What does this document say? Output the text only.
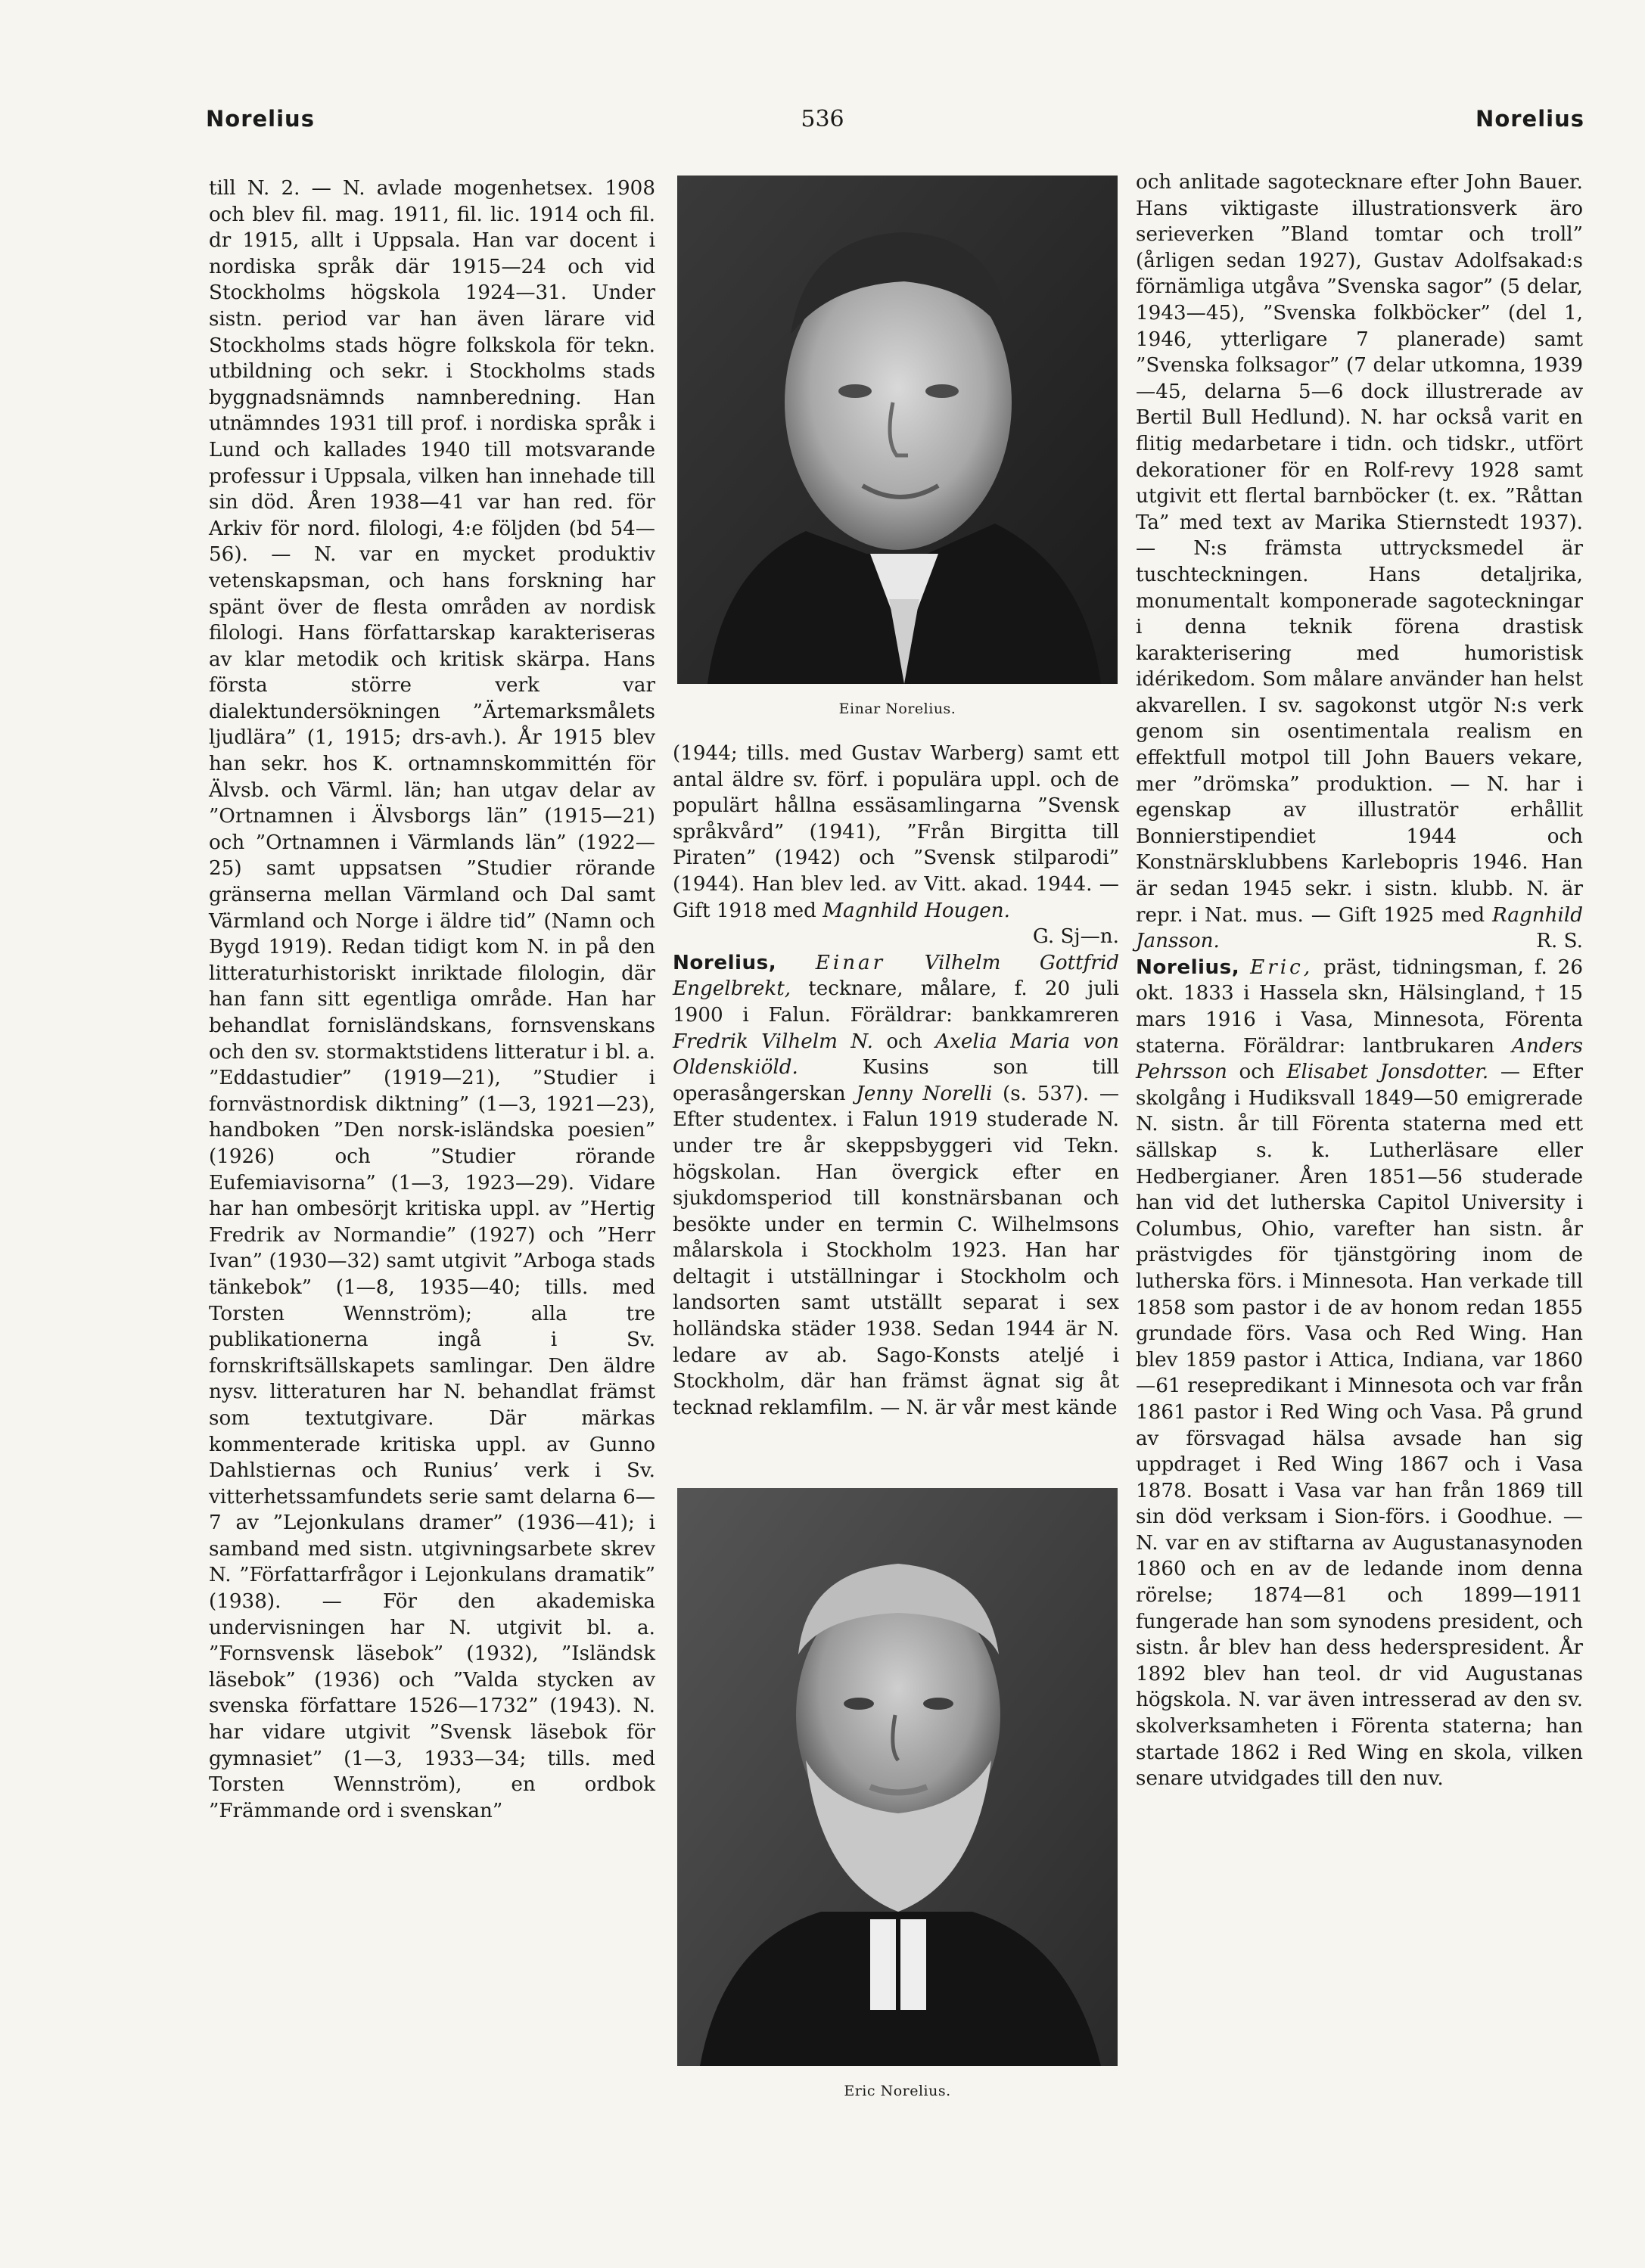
Norelius	536	Norelius

till N. 2. — N. avlade mogenhetsex. 1908 och blev fil. mag. 1911, fil. lic. 1914 och fil. dr 1915, allt i Uppsala. Han var docent i nordiska språk där 1915—24 och vid Stockholms högskola 1924—31. Under sistn. period var han även lärare vid Stockholms stads högre folkskola för tekn. utbildning och sekr. i Stockholms stads byggnadsnämnds namnberedning. Han utnämndes 1931 till prof. i nordiska språk i Lund och kallades 1940 till motsvarande professur i Uppsala, vilken han innehade till sin död. Åren 1938—41 var han red. för Arkiv för nord. filologi, 4:e följden (bd 54—56). — N. var en mycket produktiv vetenskapsman, och hans forskning har spänt över de flesta områden av nordisk filologi. Hans författarskap karakteriseras av klar metodik och kritisk skärpa. Hans första större verk var dialektundersökningen ”Ärtemarksmålets ljudlära” (1, 1915; drs-avh.). År 1915 blev han sekr. hos K. ortnamnskommittén för Älvsb. och Värml. län; han utgav delar av ”Ortnamnen i Älvsborgs län” (1915—21) och ”Ortnamnen i Värmlands län” (1922—25) samt uppsatsen ”Studier rörande gränserna mellan Värmland och Dal samt Värmland och Norge i äldre tid” (Namn och Bygd 1919). Redan tidigt kom N. in på den litteraturhistoriskt inriktade filologin, där han fann sitt egentliga område. Han har behandlat fornisländskans, fornsvenskans och den sv. stormaktstidens litteratur i bl. a. ”Eddastudier” (1919—21), ”Studier i fornvästnordisk diktning” (1—3, 1921—23), handboken ”Den norsk-isländska poesien” (1926) och ”Studier rörande Eufemiavisorna” (1—3, 1923—29). Vidare har han ombesörjt kritiska uppl. av ”Hertig Fredrik av Normandie” (1927) och ”Herr Ivan” (1930—32) samt utgivit ”Arboga stads tänkebok” (1—8, 1935—40; tills. med Torsten Wennström); alla tre publikationerna ingå i Sv. fornskriftsällskapets samlingar. Den äldre nysv. litteraturen har N. behandlat främst som textutgivare. Där märkas kommenterade kritiska uppl. av Gunno Dahlstiernas och Runius’ verk i Sv. vitterhetssamfundets serie samt delarna 6—7 av ”Lejonkulans dramer” (1936—41); i samband med sistn. utgivningsarbete skrev N. ”Författarfrågor i Lejonkulans dramatik” (1938). — För den akademiska undervisningen har N. utgivit bl. a. ”Fornsvensk läsebok” (1932), ”Isländsk läsebok” (1936) och ”Valda stycken av svenska författare 1526—1732” (1943). N. har vidare utgivit ”Svensk läsebok för gymnasiet” (1—3, 1933—34; tills. med Torsten Wennström), en ordbok ”Främmande ord i svenskan”

Einar Norelius.

(1944; tills. med Gustav Warberg) samt ett antal äldre sv. förf. i populära uppl. och de populärt hållna essäsamlingarna ”Svensk språkvård” (1941), ”Från Birgitta till Piraten” (1942) och ”Svensk stilparodi” (1944). Han blev led. av Vitt. akad. 1944. — Gift 1918 med Magnhild Hougen.

G. Sj—n.

Norelius, Einar Vilhelm Gottfrid Engelbrekt, tecknare, målare, f. 20 juli 1900 i Falun. Föräldrar: bankkamreren Fredrik Vilhelm N. och Axelia Maria von Oldenskiöld.	Kusins son till operasångerskan Jenny Norelli (s. 537). — Efter studentex. i Falun 1919 studerade N. under tre år skeppsbyggeri vid Tekn. högskolan. Han övergick efter en sjukdomsperiod till konstnärsbanan och besökte under en termin C. Wilhelmsons målarskola i Stockholm 1923. Han har deltagit i utställningar i Stockholm och landsorten samt utställt separat i sex holländska städer 1938. Sedan 1944 är N. ledare av ab. Sago-Konsts ateljé i Stockholm, där han främst ägnat sig åt tecknad reklamfilm. — N. är vår mest kände

Eric Norelius.

och anlitade sagotecknare efter John Bauer. Hans viktigaste illustrationsverk äro serieverken ”Bland tomtar och troll” (årligen sedan 1927), Gustav Adolfsakad:s förnämliga utgåva ”Svenska sagor” (5 delar, 1943—45), ”Svenska folkböcker” (del 1, 1946, ytterligare 7 planerade) samt ”Svenska folksagor” (7 delar utkomna, 1939—45, delarna 5—6 dock illustrerade av Bertil Bull Hedlund). N. har också varit en flitig medarbetare i tidn. och tidskr., utfört dekorationer för en Rolf-revy 1928 samt utgivit ett flertal barnböcker (t. ex. ”Råttan Ta” med text av Marika Stiernstedt 1937). — N:s främsta uttrycksmedel är tuschteckningen. Hans detaljrika, monumentalt komponerade sagoteckningar i denna teknik förena drastisk karakterisering med humoristisk idérikedom. Som målare använder han helst akvarellen. I sv. sagokonst utgör N:s verk genom sin osentimentala realism en effektfull motpol till John Bauers vekare, mer ”drömska” produktion. — N. har i egenskap av illustratör erhållit Bonnierstipendiet 1944 och Konstnärsklubbens Karlebopris 1946. Han är sedan 1945 sekr. i sistn. klubb. N. är repr. i Nat. mus. — Gift 1925 med Ragnhild Jansson.	R. S.

Norelius, Eric, präst, tidningsman, f. 26 okt. 1833 i Hassela skn, Hälsingland, † 15 mars 1916 i Vasa, Minnesota, Förenta staterna. Föräldrar: lantbrukaren Anders Pehrsson och Elisabet Jonsdotter. — Efter skolgång i Hudiksvall 1849—50 emigrerade N. sistn. år till Förenta staterna med ett sällskap s. k. Lutherläsare eller Hedbergianer. Åren 1851—56 studerade han vid det lutherska Capitol University i Columbus, Ohio, varefter han sistn. år prästvigdes för tjänstgöring inom de lutherska förs. i Minnesota. Han verkade till 1858 som pastor i de av honom redan 1855 grundade förs. Vasa och Red Wing. Han blev 1859 pastor i Attica, Indiana, var 1860—61 resepredikant i Minnesota och var från 1861 pastor i Red Wing och Vasa. På grund av försvagad hälsa avsade han sig uppdraget i Red Wing 1867 och i Vasa 1878. Bosatt i Vasa var han från 1869 till sin död verksam i Sion-förs. i Goodhue. — N. var en av stiftarna av Augustanasynoden 1860 och en av de ledande inom denna rörelse; 1874—81 och 1899—1911 fungerade han som synodens president, och sistn. år blev han dess hederspresident. År 1892 blev han teol. dr vid Augustanas högskola. N. var även intresserad av den sv. skolverksamheten i Förenta staterna; han startade 1862 i Red Wing en skola, vilken senare utvidgades till den nuv.
